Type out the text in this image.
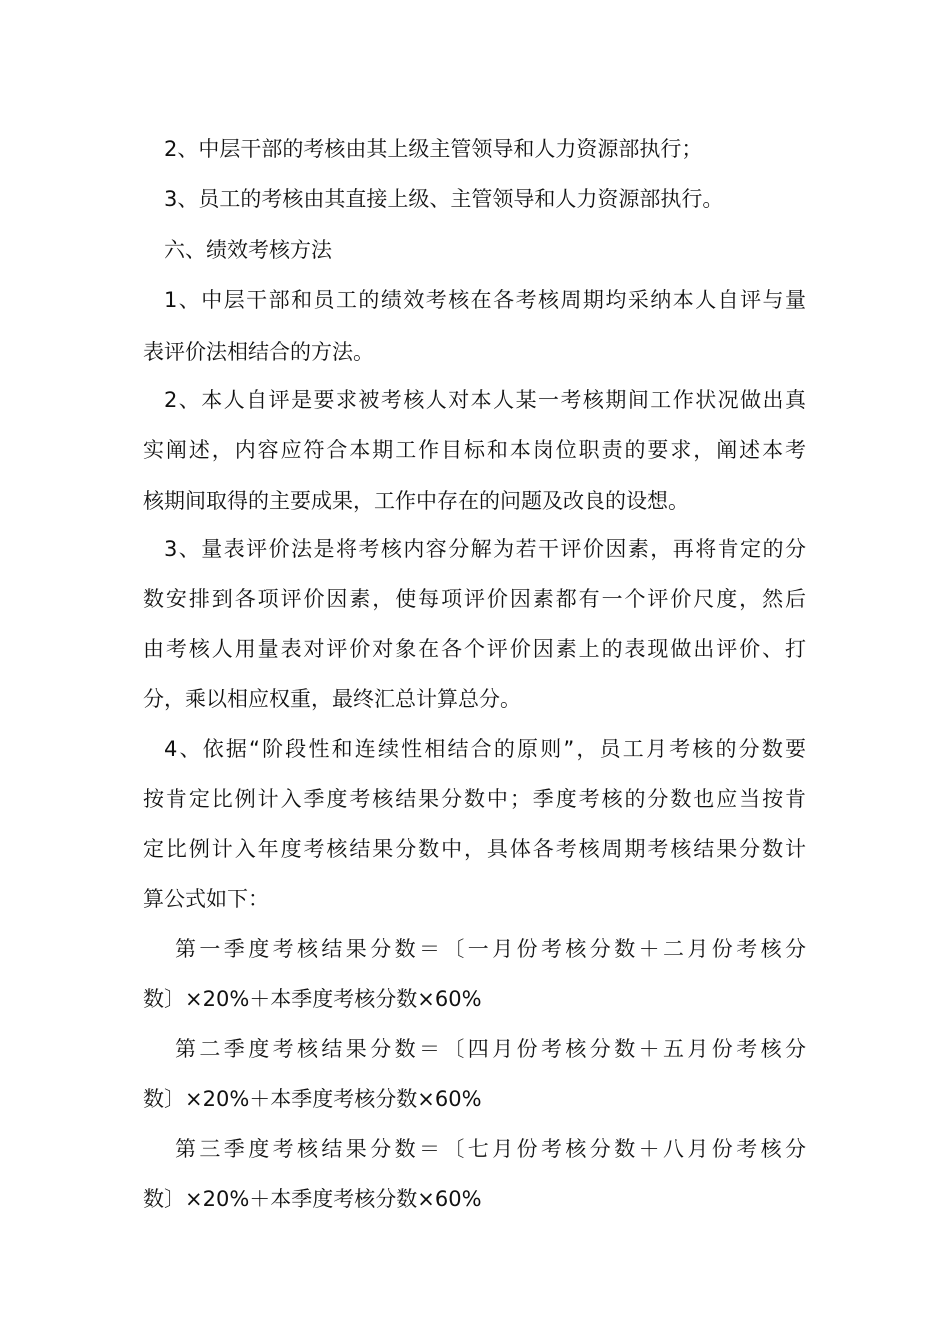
2、中层干部的考核由其上级主管领导和人力资源部执行；
3、员工的考核由其直接上级、主管领导和人力资源部执行。
六、绩效考核方法
1、中层干部和员工的绩效考核在各考核周期均采纳本人自评与量
表评价法相结合的方法。
2、本人自评是要求被考核人对本人某一考核期间工作状况做出真
实阐述，内容应符合本期工作目标和本岗位职责的要求，阐述本考
核期间取得的主要成果，工作中存在的问题及改良的设想。
3、量表评价法是将考核内容分解为若干评价因素，再将肯定的分
数安排到各项评价因素，使每项评价因素都有一个评价尺度，然后
由考核人用量表对评价对象在各个评价因素上的表现做出评价、打
分，乘以相应权重，最终汇总计算总分。
4、依据“阶段性和连续性相结合的原则”，员工月考核的分数要
按肯定比例计入季度考核结果分数中；季度考核的分数也应当按肯
定比例计入年度考核结果分数中，具体各考核周期考核结果分数计
算公式如下：
第一季度考核结果分数＝〔一月份考核分数＋二月份考核分
数〕×20%＋本季度考核分数×60%
第二季度考核结果分数＝〔四月份考核分数＋五月份考核分
数〕×20%＋本季度考核分数×60%
第三季度考核结果分数＝〔七月份考核分数＋八月份考核分
数〕×20%＋本季度考核分数×60%
